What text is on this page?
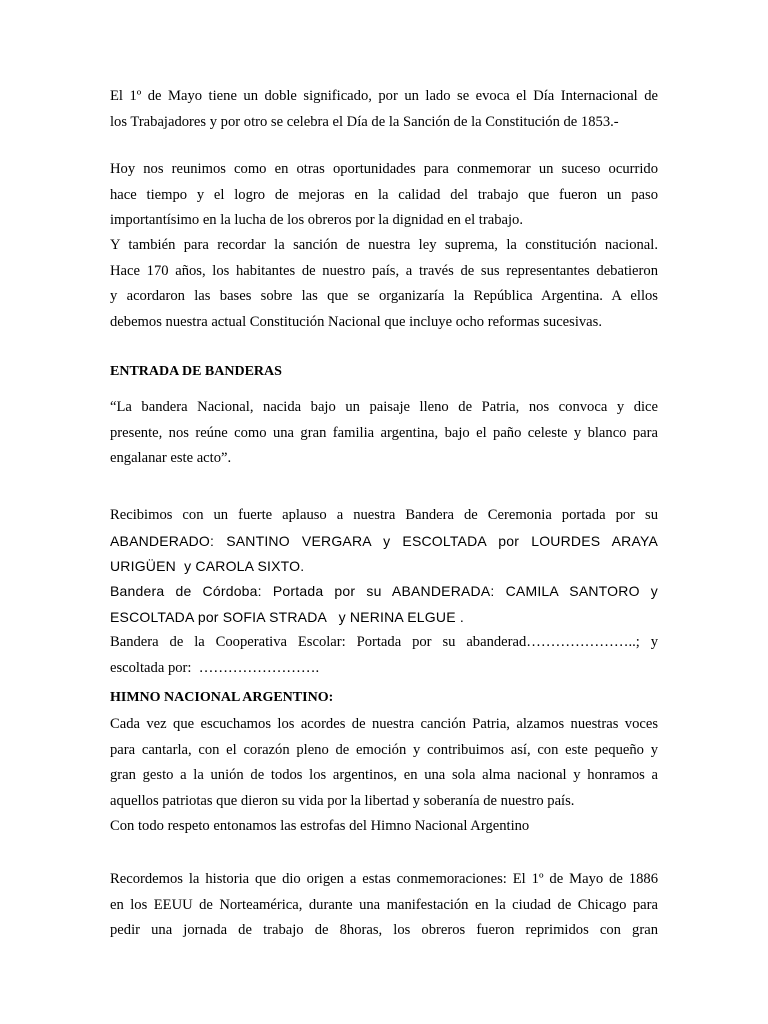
El 1º de Mayo tiene un doble significado, por un lado se evoca el Día Internacional de
los Trabajadores y por otro se celebra el Día de la Sanción de la Constitución de 1853.-
Hoy nos reunimos como en otras oportunidades para conmemorar un suceso ocurrido
hace tiempo y el logro de mejoras en la calidad del trabajo que fueron un paso
importantísimo en la lucha de los obreros por la dignidad en el trabajo.
Y también para recordar la sanción de nuestra ley suprema, la constitución nacional.
Hace 170 años, los habitantes de nuestro país, a través de sus representantes debatieron
y acordaron las bases sobre las que se organizaría la República Argentina. A ellos
debemos nuestra actual Constitución Nacional que incluye ocho reformas sucesivas.
ENTRADA DE BANDERAS
“La bandera Nacional, nacida bajo un paisaje lleno de Patria, nos convoca y dice
presente, nos reúne como una gran familia argentina, bajo el paño celeste y blanco para
engalanar este acto”.
Recibimos con un fuerte aplauso a nuestra Bandera de Ceremonia portada por su
ABANDERADO: SANTINO VERGARA y ESCOLTADA por LOURDES ARAYA
URIGÜEN  y CAROLA SIXTO.
Bandera de Córdoba: Portada por su ABANDERADA: CAMILA SANTORO y
ESCOLTADA por SOFIA STRADA   y NERINA ELGUE .
Bandera de la Cooperativa Escolar: Portada por su abanderad…………………..; y
escoltada por:  …………………….
HIMNO NACIONAL ARGENTINO:
Cada vez que escuchamos los acordes de nuestra canción Patria, alzamos nuestras voces
para cantarla, con el corazón pleno de emoción y contribuimos así, con este pequeño y
gran gesto a la unión de todos los argentinos, en una sola alma nacional y honramos a
aquellos patriotas que dieron su vida por la libertad y soberanía de nuestro país.
Con todo respeto entonamos las estrofas del Himno Nacional Argentino
Recordemos la historia que dio origen a estas conmemoraciones: El 1º de Mayo de 1886
en los EEUU de Norteamérica, durante una manifestación en la ciudad de Chicago para
pedir una jornada de trabajo de 8horas, los obreros fueron reprimidos con gran
